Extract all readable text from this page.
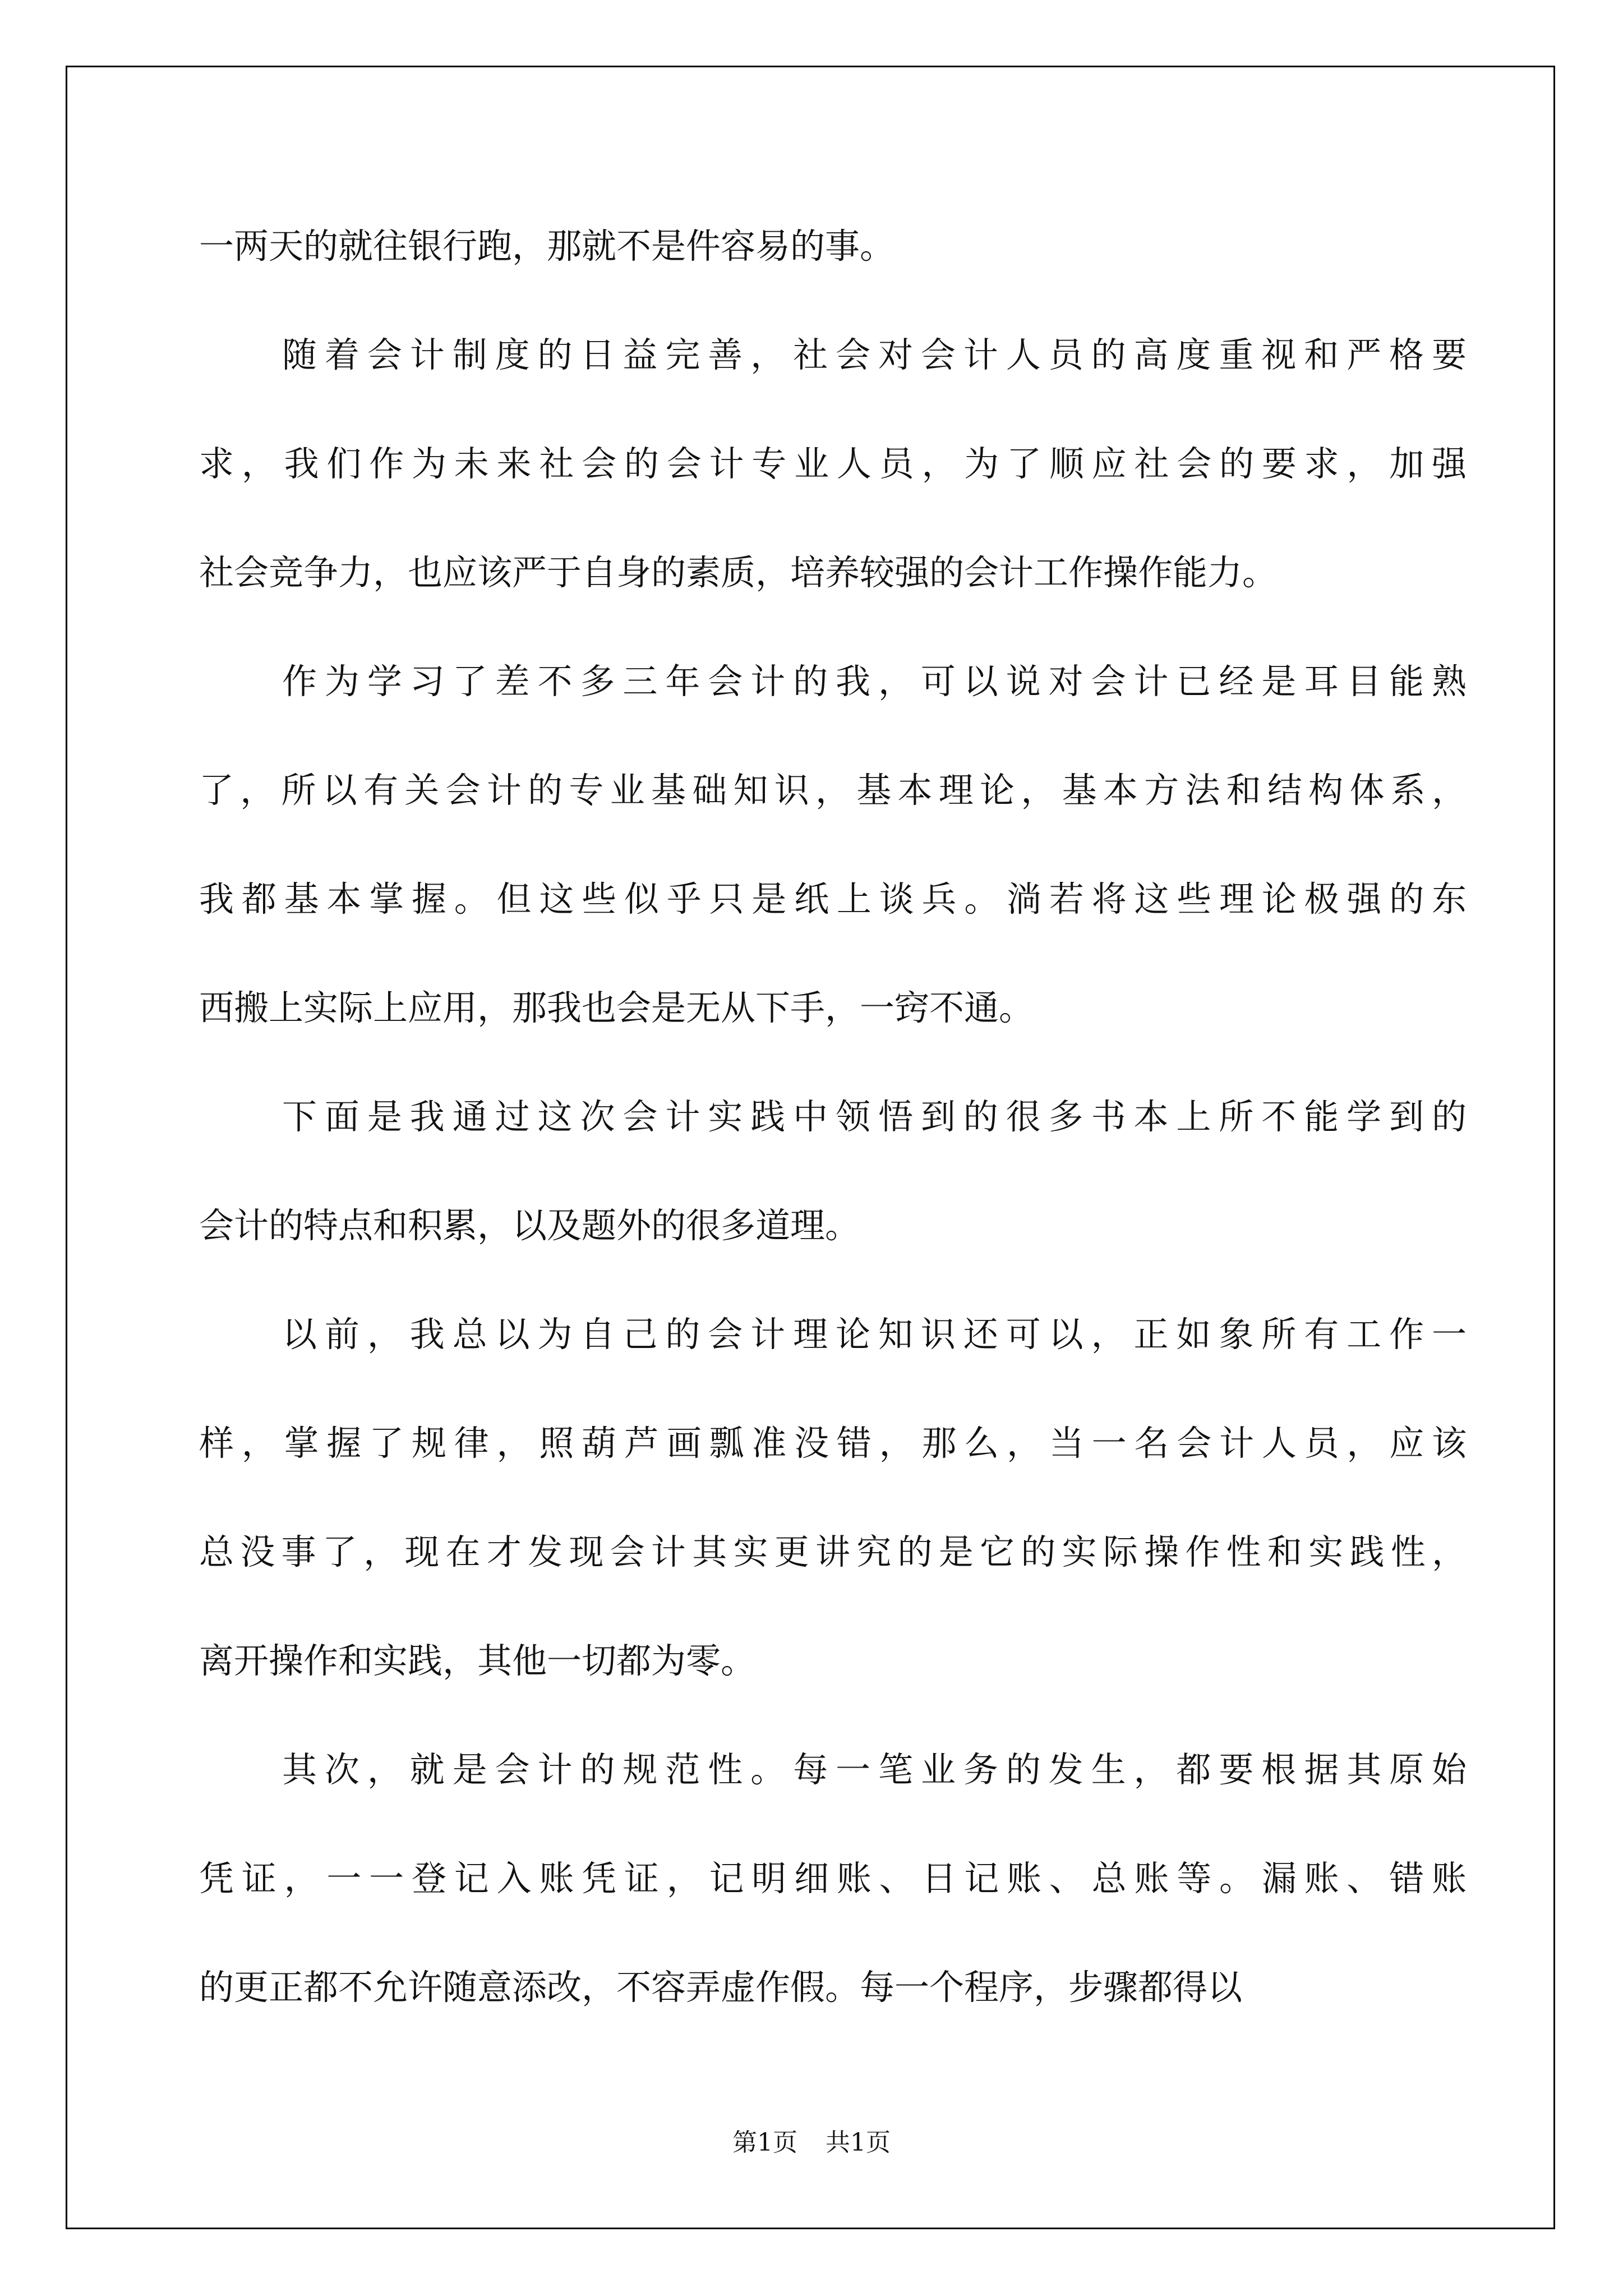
一两天的就往银行跑，那就不是件容易的事。

随着会计制度的日益完善，社会对会计人员的高度重视和严格要
求，我们作为未来社会的会计专业人员，为了顺应社会的要求，加强
社会竞争力，也应该严于自身的素质，培养较强的会计工作操作能力。

作为学习了差不多三年会计的我，可以说对会计已经是耳目能熟
了，所以有关会计的专业基础知识，基本理论，基本方法和结构体系，
我都基本掌握。但这些似乎只是纸上谈兵。淌若将这些理论极强的东
西搬上实际上应用，那我也会是无从下手，一窍不通。

下面是我通过这次会计实践中领悟到的很多书本上所不能学到的
会计的特点和积累，以及题外的很多道理。

以前，我总以为自己的会计理论知识还可以，正如象所有工作一
样，掌握了规律，照葫芦画瓢准没错，那么，当一名会计人员，应该
总没事了，现在才发现会计其实更讲究的是它的实际操作性和实践性，
离开操作和实践，其他一切都为零。

其次，就是会计的规范性。每一笔业务的发生，都要根据其原始
凭证，一一登记入账凭证，记明细账、日记账、总账等。漏账、错账
的更正都不允许随意添改，不容弄虚作假。每一个程序，步骤都得以

第1页 共1页
